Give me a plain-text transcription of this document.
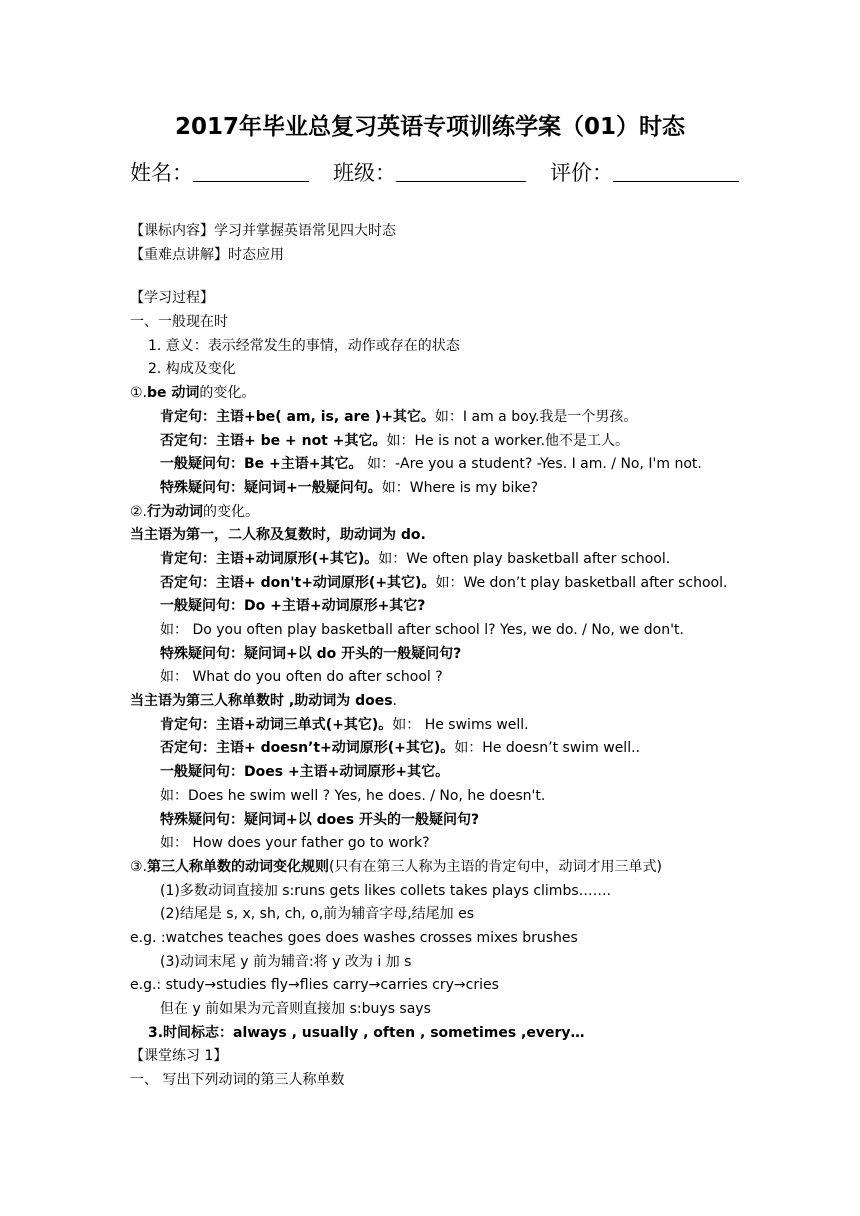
2017年毕业总复习英语专项训练学案（01）时态
姓名：	班级：	评价：
【课标内容】学习并掌握英语常见四大时态
【重难点讲解】时态应用
【学习过程】
一、一般现在时
1. 意义：表示经常发生的事情，动作或存在的状态
2. 构成及变化
①.be 动词的变化。
肯定句：主语+be( am, is, are )+其它。如：I am a boy.我是一个男孩。
否定句：主语+ be + not +其它。如：He is not a worker.他不是工人。
一般疑问句：Be +主语+其它。 如：-Are you a student? -Yes. I am. / No, I'm not.
特殊疑问句：疑问词+一般疑问句。如：Where is my bike?
②.行为动词的变化。
当主语为第一，二人称及复数时，助动词为 do.
肯定句：主语+动词原形(+其它)。如：We often play basketball after school.
否定句：主语+ don't+动词原形(+其它)。如：We don’t play basketball after school.
一般疑问句：Do +主语+动词原形+其它?
如： Do you often play basketball after school l? Yes, we do. / No, we don't.
特殊疑问句：疑问词+以 do 开头的一般疑问句?
如： What do you often do after school ?
当主语为第三人称单数时 ,助动词为 does.
肯定句：主语+动词三单式(+其它)。如： He swims well.
否定句：主语+ doesn’t+动词原形(+其它)。如：He doesn’t swim well..
一般疑问句：Does +主语+动词原形+其它。
如：Does he swim well ? Yes, he does. / No, he doesn't.
特殊疑问句：疑问词+以 does 开头的一般疑问句?
如： How does your father go to work?
③.第三人称单数的动词变化规则(只有在第三人称为主语的肯定句中，动词才用三单式)
(1)多数动词直接加 s:runs gets likes collets takes plays climbs…….
(2)结尾是 s, x, sh, ch, o,前为辅音字母,结尾加 es
e.g. :watches teaches goes does washes crosses mixes brushes
(3)动词末尾 y 前为辅音:将 y 改为 i 加 s
e.g.: study→studies fly→flies carry→carries cry→cries
但在 y 前如果为元音则直接加 s:buys says
3.时间标志：always , usually , often , sometimes ,every…
【课堂练习 1】
一、 写出下列动词的第三人称单数
